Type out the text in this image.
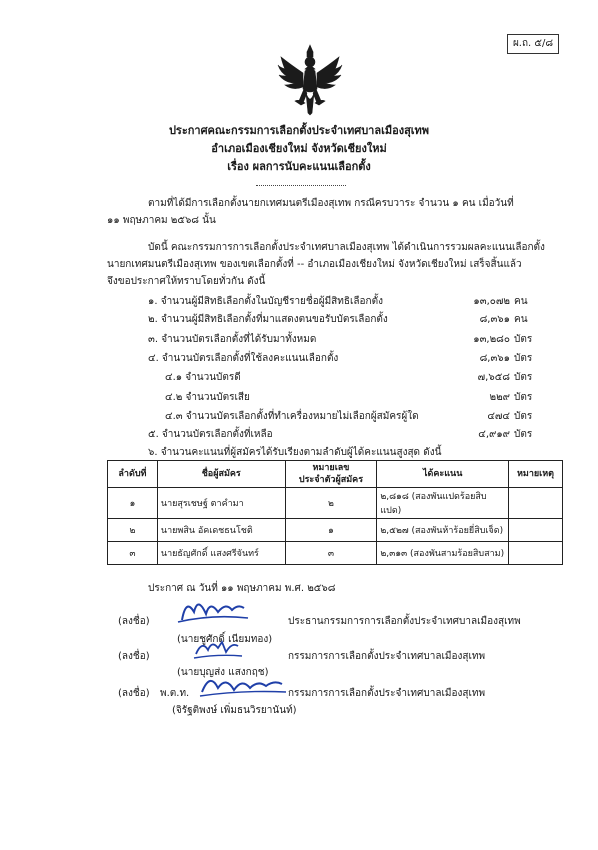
ผ.ถ. ๕/๘
ประกาศคณะกรรมการเลือกตั้งประจำเทศบาลเมืองสุเทพ
อำเภอเมืองเชียงใหม่ จังหวัดเชียงใหม่
เรื่อง ผลการนับคะแนนเลือกตั้ง
ตามที่ได้มีการเลือกตั้งนายกเทศมนตรีเมืองสุเทพ กรณีครบวาระ จำนวน ๑ คน เมื่อวันที่
๑๑ พฤษภาคม ๒๕๖๘ นั้น
บัดนี้ คณะกรรมการการเลือกตั้งประจำเทศบาลเมืองสุเทพ ได้ดำเนินการรวมผลคะแนนเลือกตั้ง
นายกเทศมนตรีเมืองสุเทพ ของเขตเลือกตั้งที่ -- อำเภอเมืองเชียงใหม่ จังหวัดเชียงใหม่ เสร็จสิ้นแล้ว
จึงขอประกาศให้ทราบโดยทั่วกัน ดังนี้
๑. จำนวนผู้มีสิทธิเลือกตั้งในบัญชีรายชื่อผู้มีสิทธิเลือกตั้ง	๑๓,๐๗๒ คน
๒. จำนวนผู้มีสิทธิเลือกตั้งที่มาแสดงตนขอรับบัตรเลือกตั้ง	๘,๓๖๑ คน
๓. จำนวนบัตรเลือกตั้งที่ได้รับมาทั้งหมด	๑๓,๒๘๐ บัตร
๔. จำนวนบัตรเลือกตั้งที่ใช้ลงคะแนนเลือกตั้ง	๘,๓๖๑ บัตร
๔.๑ จำนวนบัตรดี	๗,๖๕๘ บัตร
๔.๒ จำนวนบัตรเสีย	๒๒๙ บัตร
๔.๓ จำนวนบัตรเลือกตั้งที่ทำเครื่องหมายไม่เลือกผู้สมัครผู้ใด	๔๗๔ บัตร
๕. จำนวนบัตรเลือกตั้งที่เหลือ	๔,๙๑๙ บัตร
๖. จำนวนคะแนนที่ผู้สมัครได้รับเรียงตามลำดับผู้ได้คะแนนสูงสุด ดังนี้
ลำดับที่	ชื่อผู้สมัคร	หมายเลข
ประจำตัวผู้สมัคร	ได้คะแนน	หมายเหตุ
๑	นายสุรเชษฐ์ ตาคำมา	๒	๒,๘๑๘ (สองพันแปดร้อยสิบแปด)	
๒	นายพสิน อัคเดชธนโชติ	๑	๒,๕๒๗ (สองพันห้าร้อยยี่สิบเจ็ด)	
๓	นายธัญศักดิ์ แสงศรีจันทร์	๓	๒,๓๑๓ (สองพันสามร้อยสิบสาม)	
ประกาศ ณ วันที่ ๑๑ พฤษภาคม พ.ศ. ๒๕๖๘
(ลงชื่อ)	ประธานกรรมการการเลือกตั้งประจำเทศบาลเมืองสุเทพ
(นายชูศักดิ์ เนียมทอง)
(ลงชื่อ)	กรรมการการเลือกตั้งประจำเทศบาลเมืองสุเทพ
(นายบุญส่ง แสงกฤช)
(ลงชื่อ) พ.ต.ท.	กรรมการการเลือกตั้งประจำเทศบาลเมืองสุเทพ
(จิรัฐติพงษ์ เพิ่มธนวิรยานันท์)
